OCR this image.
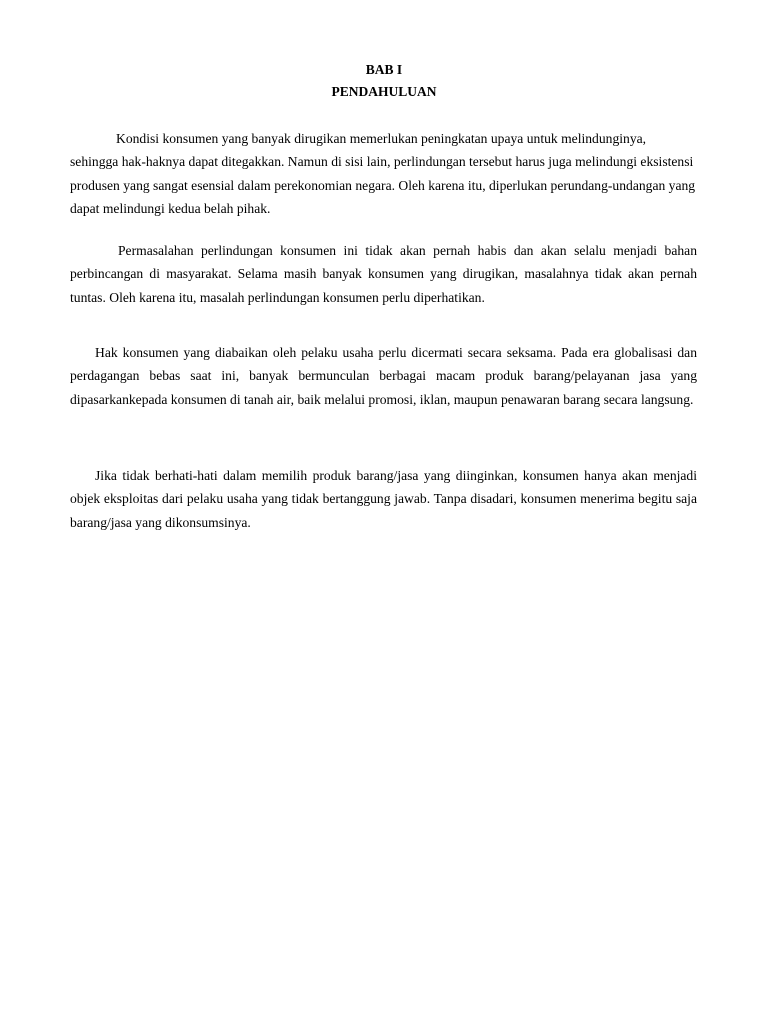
BAB I
PENDAHULUAN

Kondisi konsumen yang banyak dirugikan memerlukan peningkatan upaya untuk melindunginya, sehingga hak-haknya dapat ditegakkan. Namun di sisi lain, perlindungan tersebut harus juga melindungi eksistensi produsen yang sangat esensial dalam perekonomian negara. Oleh karena itu, diperlukan perundang-undangan yang dapat melindungi kedua belah pihak.

Permasalahan perlindungan konsumen ini tidak akan pernah habis dan akan selalu menjadi bahan perbincangan di masyarakat. Selama masih banyak konsumen yang dirugikan, masalahnya tidak akan pernah tuntas. Oleh karena itu, masalah perlindungan konsumen perlu diperhatikan.

Hak konsumen yang diabaikan oleh pelaku usaha perlu dicermati secara seksama. Pada era globalisasi dan perdagangan bebas saat ini, banyak bermunculan berbagai macam produk barang/pelayanan jasa yang dipasarkankepada konsumen di tanah air, baik melalui promosi, iklan, maupun penawaran barang secara langsung.

Jika tidak berhati-hati dalam memilih produk barang/jasa yang diinginkan, konsumen hanya akan menjadi objek eksploitas dari pelaku usaha yang tidak bertanggung jawab. Tanpa disadari, konsumen menerima begitu saja barang/jasa yang dikonsumsinya.
